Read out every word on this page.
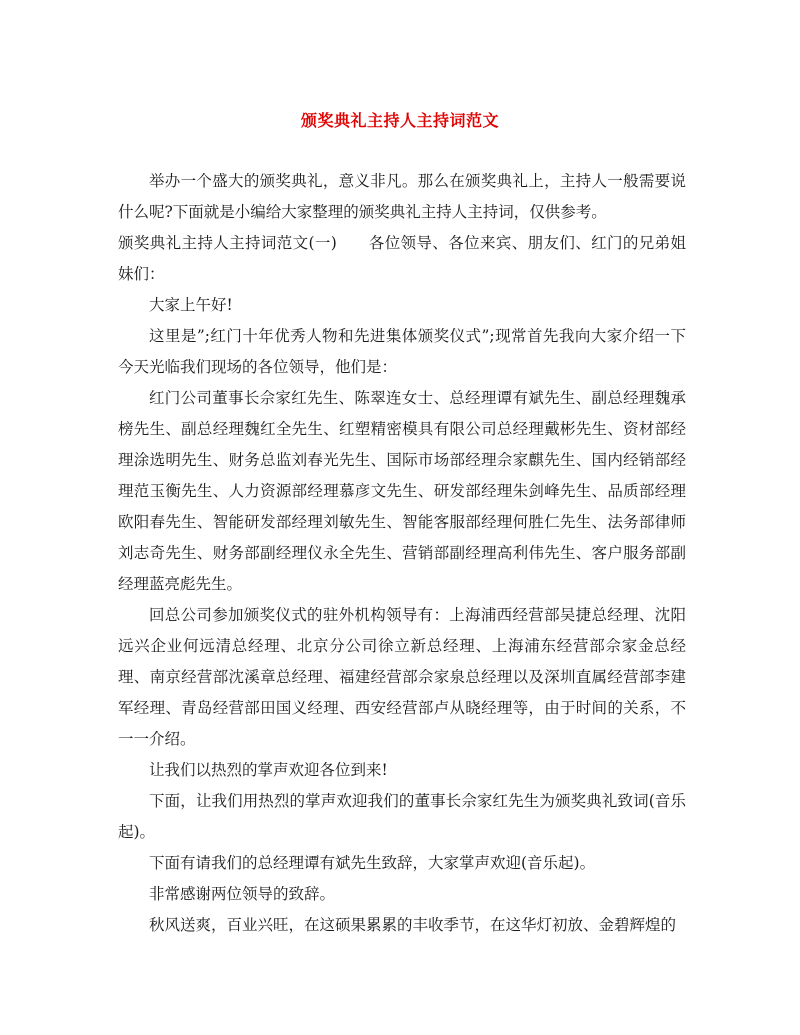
颁奖典礼主持人主持词范文

举办一个盛大的颁奖典礼，意义非凡。那么在颁奖典礼上，主持人一般需要说什么呢?下面就是小编给大家整理的颁奖典礼主持人主持词，仅供参考。

颁奖典礼主持人主持词范文(一)　　各位领导、各位来宾、朋友们、红门的兄弟姐妹们：

大家上午好!

这里是”;红门十年优秀人物和先进集体颁奖仪式”;现常首先我向大家介绍一下今天光临我们现场的各位领导，他们是：

红门公司董事长佘家红先生、陈翠连女士、总经理谭有斌先生、副总经理魏承榜先生、副总经理魏红全先生、红塑精密模具有限公司总经理戴彬先生、资材部经理涂选明先生、财务总监刘春光先生、国际市场部经理佘家麒先生、国内经销部经理范玉衡先生、人力资源部经理慕彦文先生、研发部经理朱剑峰先生、品质部经理欧阳春先生、智能研发部经理刘敏先生、智能客服部经理何胜仁先生、法务部律师刘志奇先生、财务部副经理仪永全先生、营销部副经理高利伟先生、客户服务部副经理蓝亮彪先生。

回总公司参加颁奖仪式的驻外机构领导有：上海浦西经营部吴捷总经理、沈阳远兴企业何远清总经理、北京分公司徐立新总经理、上海浦东经营部佘家金总经理、南京经营部沈溪章总经理、福建经营部佘家泉总经理以及深圳直属经营部李建军经理、青岛经营部田国义经理、西安经营部卢从晓经理等，由于时间的关系，不一一介绍。

让我们以热烈的掌声欢迎各位到来!

下面，让我们用热烈的掌声欢迎我们的董事长佘家红先生为颁奖典礼致词(音乐起)。

下面有请我们的总经理谭有斌先生致辞，大家掌声欢迎(音乐起)。

非常感谢两位领导的致辞。

秋风送爽，百业兴旺，在这硕果累累的丰收季节，在这华灯初放、金碧辉煌的
